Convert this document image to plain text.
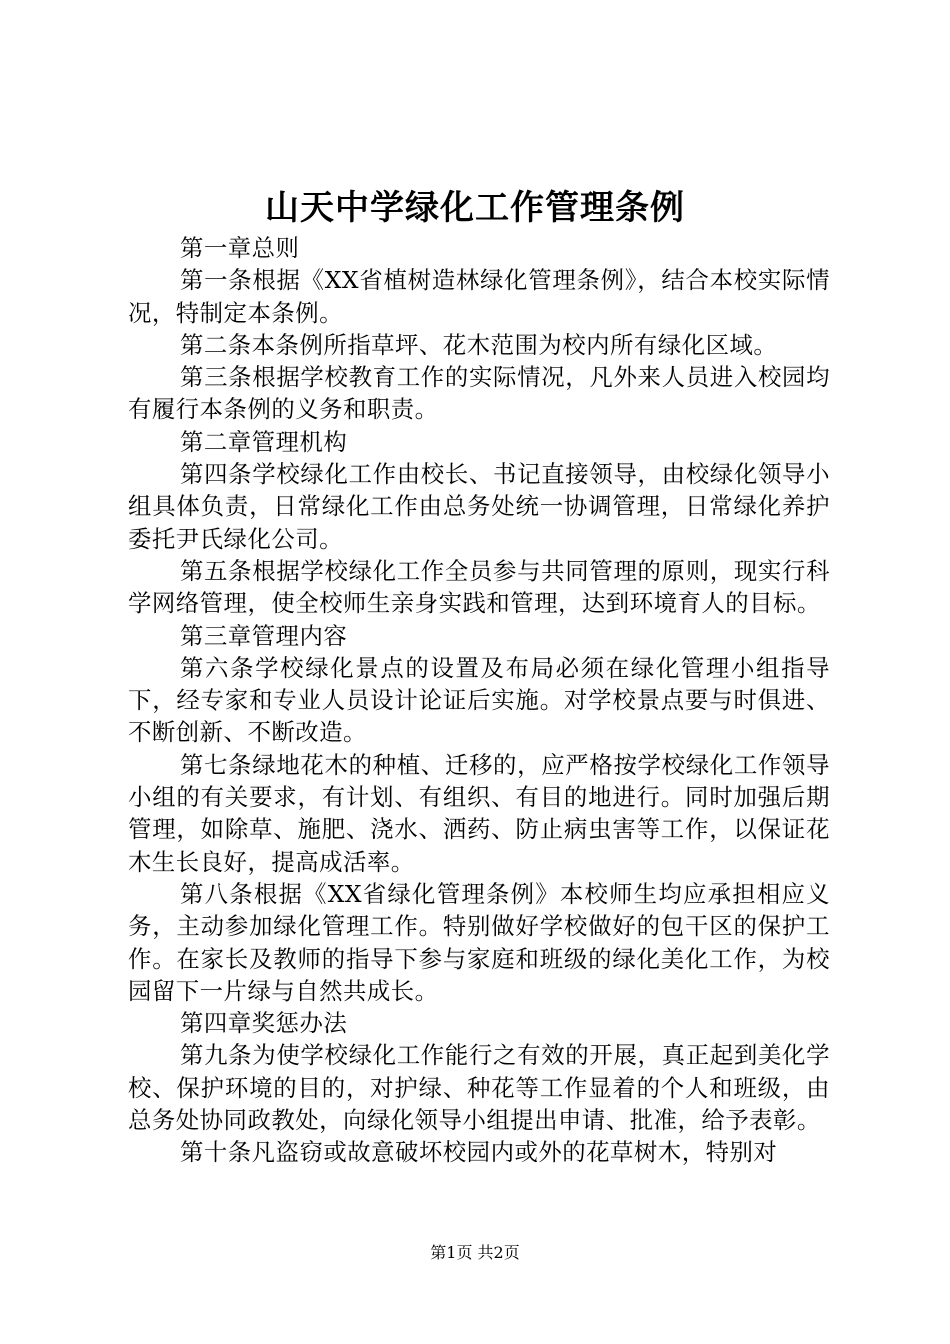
山天中学绿化工作管理条例

第一章总则

第一条根据《XX省植树造林绿化管理条例》，结合本校实际情况，特制定本条例。

第二条本条例所指草坪、花木范围为校内所有绿化区域。

第三条根据学校教育工作的实际情况，凡外来人员进入校园均有履行本条例的义务和职责。

第二章管理机构

第四条学校绿化工作由校长、书记直接领导，由校绿化领导小组具体负责，日常绿化工作由总务处统一协调管理，日常绿化养护委托尹氏绿化公司。

第五条根据学校绿化工作全员参与共同管理的原则，现实行科学网络管理，使全校师生亲身实践和管理，达到环境育人的目标。

第三章管理内容

第六条学校绿化景点的设置及布局必须在绿化管理小组指导下，经专家和专业人员设计论证后实施。对学校景点要与时俱进、不断创新、不断改造。

第七条绿地花木的种植、迁移的，应严格按学校绿化工作领导小组的有关要求，有计划、有组织、有目的地进行。同时加强后期管理，如除草、施肥、浇水、洒药、防止病虫害等工作，以保证花木生长良好，提高成活率。

第八条根据《XX省绿化管理条例》本校师生均应承担相应义务，主动参加绿化管理工作。特别做好学校做好的包干区的保护工作。在家长及教师的指导下参与家庭和班级的绿化美化工作，为校园留下一片绿与自然共成长。

第四章奖惩办法

第九条为使学校绿化工作能行之有效的开展，真正起到美化学校、保护环境的目的，对护绿、种花等工作显着的个人和班级，由总务处协同政教处，向绿化领导小组提出申请、批准，给予表彰。

第十条凡盗窃或故意破坏校园内或外的花草树木，特别对

第1页 共2页
